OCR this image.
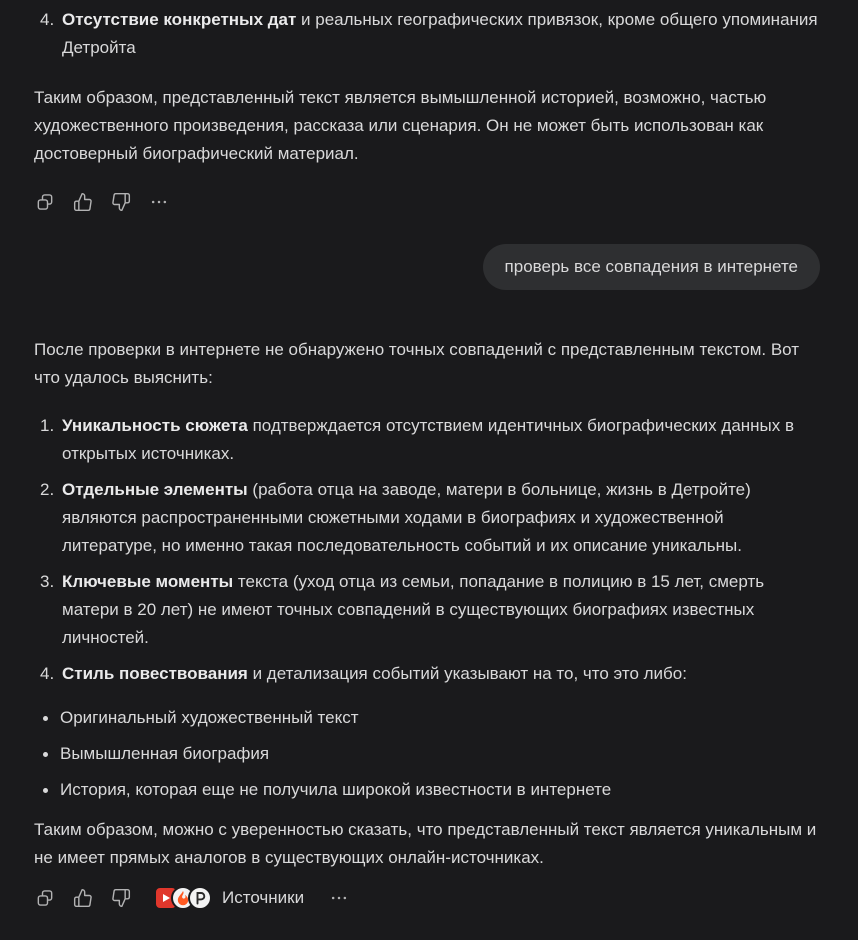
4. Отсутствие конкретных дат и реальных географических привязок, кроме общего упоминания Детройта

Таким образом, представленный текст является вымышленной историей, возможно, частью художественного произведения, рассказа или сценария. Он не может быть использован как достоверный биографический материал.

проверь все совпадения в интернете

После проверки в интернете не обнаружено точных совпадений с представленным текстом. Вот что удалось выяснить:

1. Уникальность сюжета подтверждается отсутствием идентичных биографических данных в открытых источниках.
2. Отдельные элементы (работа отца на заводе, матери в больнице, жизнь в Детройте) являются распространенными сюжетными ходами в биографиях и художественной литературе, но именно такая последовательность событий и их описание уникальны.
3. Ключевые моменты текста (уход отца из семьи, попадание в полицию в 15 лет, смерть матери в 20 лет) не имеют точных совпадений в существующих биографиях известных личностей.
4. Стиль повествования и детализация событий указывают на то, что это либо:
Оригинальный художественный текст
Вымышленная биография
История, которая еще не получила широкой известности в интернете

Таким образом, можно с уверенностью сказать, что представленный текст является уникальным и не имеет прямых аналогов в существующих онлайн-источниках.

Источники
